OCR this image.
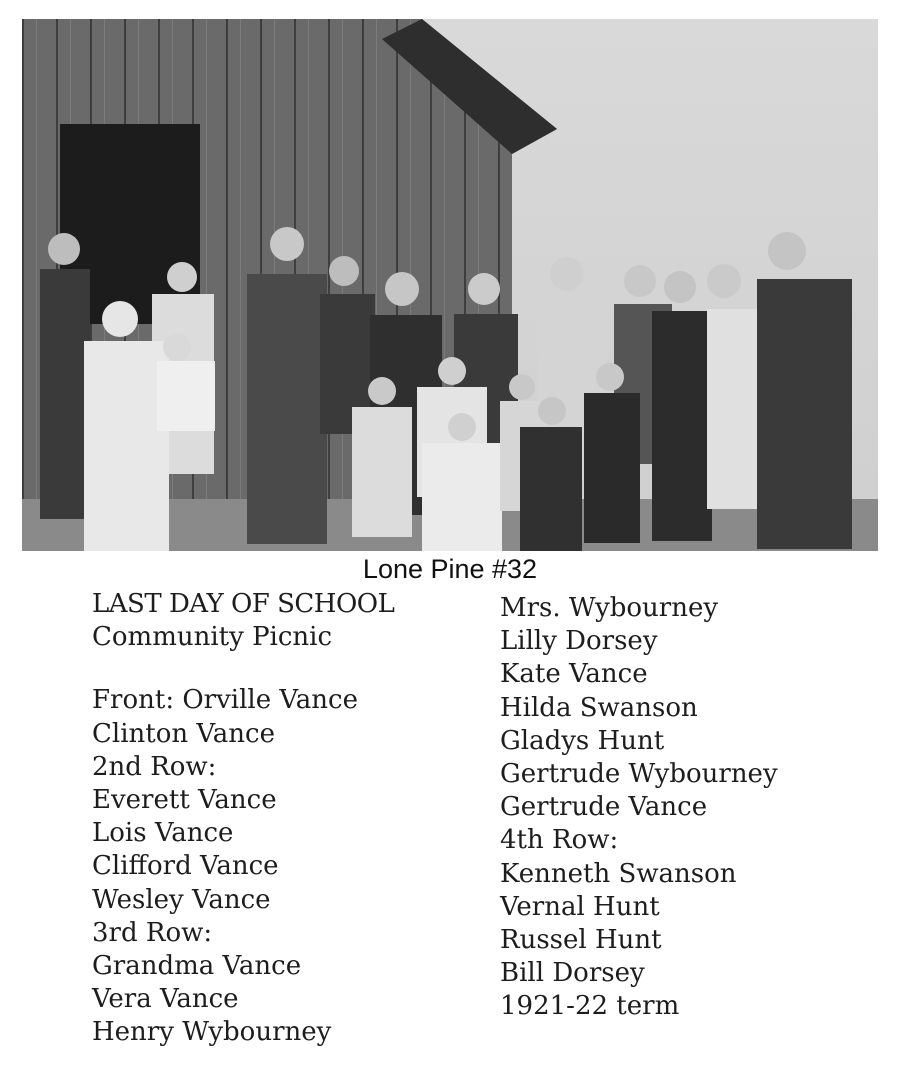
Lone Pine #32
LAST DAY OF SCHOOL
Community Picnic
Front: Orville Vance
Clinton Vance
2nd Row:
Everett Vance
Lois Vance
Clifford Vance
Wesley Vance
3rd Row:
Grandma Vance
Vera Vance
Henry Wybourney
Mrs. Wybourney
Lilly Dorsey
Kate Vance
Hilda Swanson
Gladys Hunt
Gertrude Wybourney
Gertrude Vance
4th Row:
Kenneth Swanson
Vernal Hunt
Russel Hunt
Bill Dorsey
1921-22 term
